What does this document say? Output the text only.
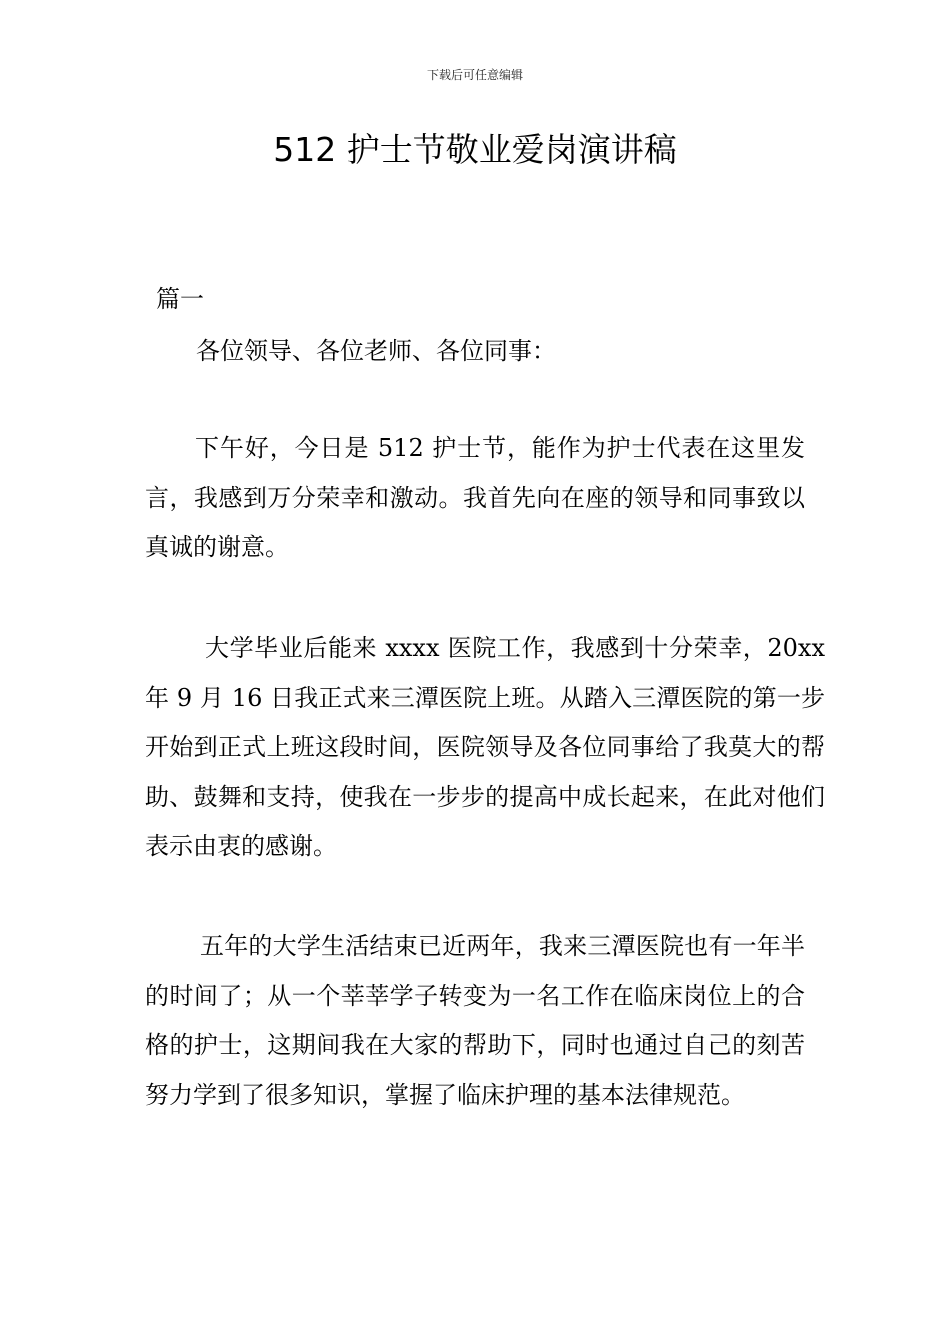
下载后可任意编辑
512 护士节敬业爱岗演讲稿
篇一
各位领导、各位老师、各位同事：

下午好，今日是 512 护士节，能作为护士代表在这里发言，我感到万分荣幸和激动。我首先向在座的领导和同事致以真诚的谢意。

大学毕业后能来 xxxx 医院工作，我感到十分荣幸，20xx 年 9 月 16 日我正式来三潭医院上班。从踏入三潭医院的第一步开始到正式上班这段时间，医院领导及各位同事给了我莫大的帮助、鼓舞和支持，使我在一步步的提高中成长起来，在此对他们表示由衷的感谢。

五年的大学生活结束已近两年，我来三潭医院也有一年半的时间了；从一个莘莘学子转变为一名工作在临床岗位上的合格的护士，这期间我在大家的帮助下，同时也通过自己的刻苦努力学到了很多知识，掌握了临床护理的基本法律规范。
